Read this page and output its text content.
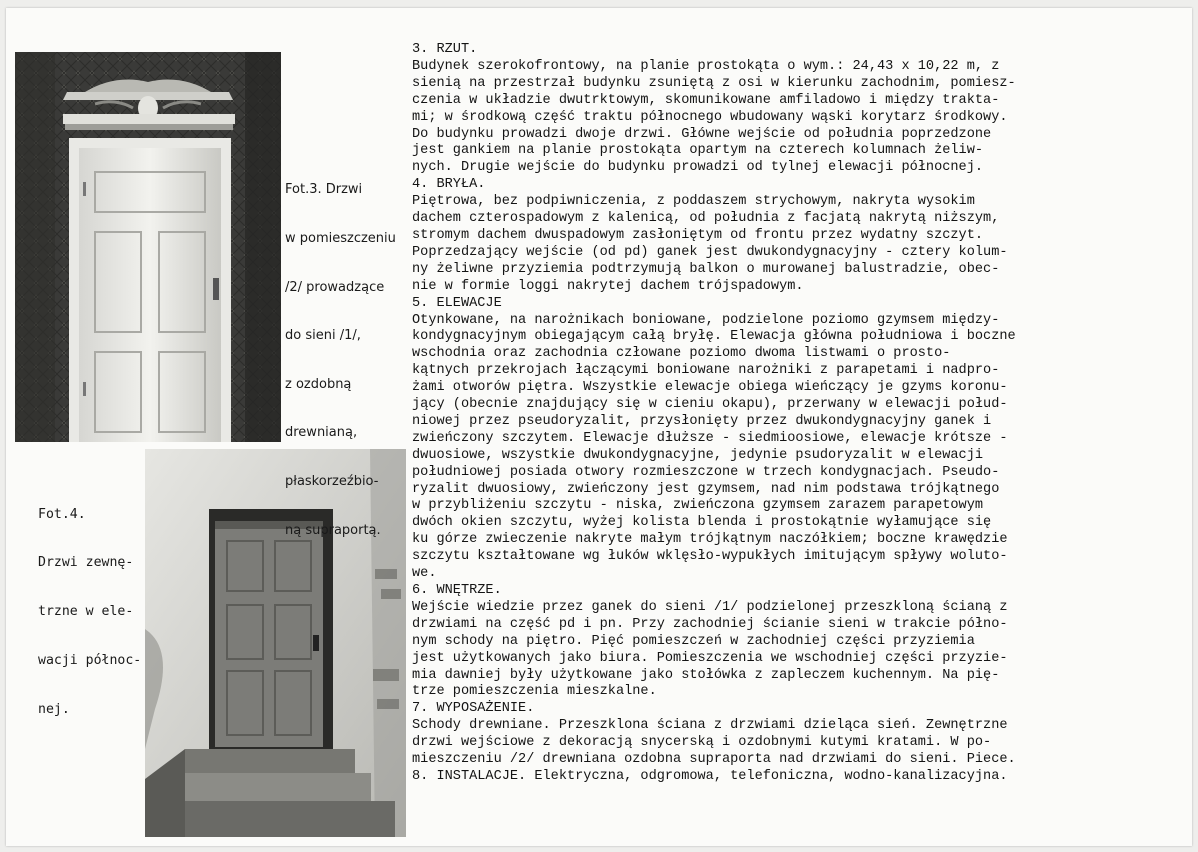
Fot.3. Drzwi

w pomieszczeniu

/2/ prowadzące

do sieni /1/,

z ozdobną

drewnianą,

płaskorzeźbio-

ną supraportą.

Fot.4.

Drzwi zewnę-

trzne w ele-

wacji północ-

nej.

3. RZUT.
Budynek szerokofrontowy, na planie prostokąta o wym.: 24,43 x 10,22 m, z
sienią na przestrzał budynku zsuniętą z osi w kierunku zachodnim, pomiesz-
czenia w układzie dwutrktowym, skomunikowane amfiladowo i między trakta-
mi; w środkową część traktu północnego wbudowany wąski korytarz środkowy.
Do budynku prowadzi dwoje drzwi. Główne wejście od południa poprzedzone
jest gankiem na planie prostokąta opartym na czterech kolumnach żeliw-
nych. Drugie wejście do budynku prowadzi od tylnej elewacji północnej.
4. BRYŁA.
Piętrowa, bez podpiwniczenia, z poddaszem strychowym, nakryta wysokim
dachem czterospadowym z kalenicą, od południa z facjatą nakrytą niższym,
stromym dachem dwuspadowym zasłoniętym od frontu przez wydatny szczyt.
Poprzedzający wejście (od pd) ganek jest dwukondygnacyjny - cztery kolum-
ny żeliwne przyziemia podtrzymują balkon o murowanej balustradzie, obec-
nie w formie loggi nakrytej dachem trójspadowym.
5. ELEWACJE
Otynkowane, na narożnikach boniowane, podzielone poziomo gzymsem między-
kondygnacyjnym obiegającym całą bryłę. Elewacja główna południowa i boczne
wschodnia oraz zachodnia człowane poziomo dwoma listwami o prosto-
kątnych przekrojach łączącymi boniowane narożniki z parapetami i nadpro-
żami otworów piętra. Wszystkie elewacje obiega wieńczący je gzyms koronu-
jący (obecnie znajdujący się w cieniu okapu), przerwany w elewacji połud-
niowej przez pseudoryzalit, przysłonięty przez dwukondygnacyjny ganek i
zwieńczony szczytem. Elewacje dłuższe - siedmioosiowe, elewacje krótsze -
dwuosiowe, wszystkie dwukondygnacyjne, jedynie psudoryzalit w elewacji
południowej posiada otwory rozmieszczone w trzech kondygnacjach. Pseudo-
ryzalit dwuosiowy, zwieńczony jest gzymsem, nad nim podstawa trójkątnego
w przybliżeniu szczytu - niska, zwieńczona gzymsem zarazem parapetowym
dwóch okien szczytu, wyżej kolista blenda i prostokątnie wyłamujące się
ku górze zwieczenie nakryte małym trójkątnym naczółkiem; boczne krawędzie
szczytu kształtowane wg łuków wklęsło-wypukłych imitującym spływy woluto-
we.
6. WNĘTRZE.
Wejście wiedzie przez ganek do sieni /1/ podzielonej przeszkloną ścianą z
drzwiami na część pd i pn. Przy zachodniej ścianie sieni w trakcie półno-
nym schody na piętro. Pięć pomieszczeń w zachodniej części przyziemia
jest użytkowanych jako biura. Pomieszczenia we wschodniej części przyzie-
mia dawniej były użytkowane jako stołówka z zapleczem kuchennym. Na pię-
trze pomieszczenia mieszkalne.
7. WYPOSAŻENIE.
Schody drewniane. Przeszklona ściana z drzwiami dzieląca sień. Zewnętrzne
drzwi wejściowe z dekoracją snycerską i ozdobnymi kutymi kratami. W po-
mieszczeniu /2/ drewniana ozdobna supraporta nad drzwiami do sieni. Piece.
8. INSTALACJE. Elektryczna, odgromowa, telefoniczna, wodno-kanalizacyjna.
